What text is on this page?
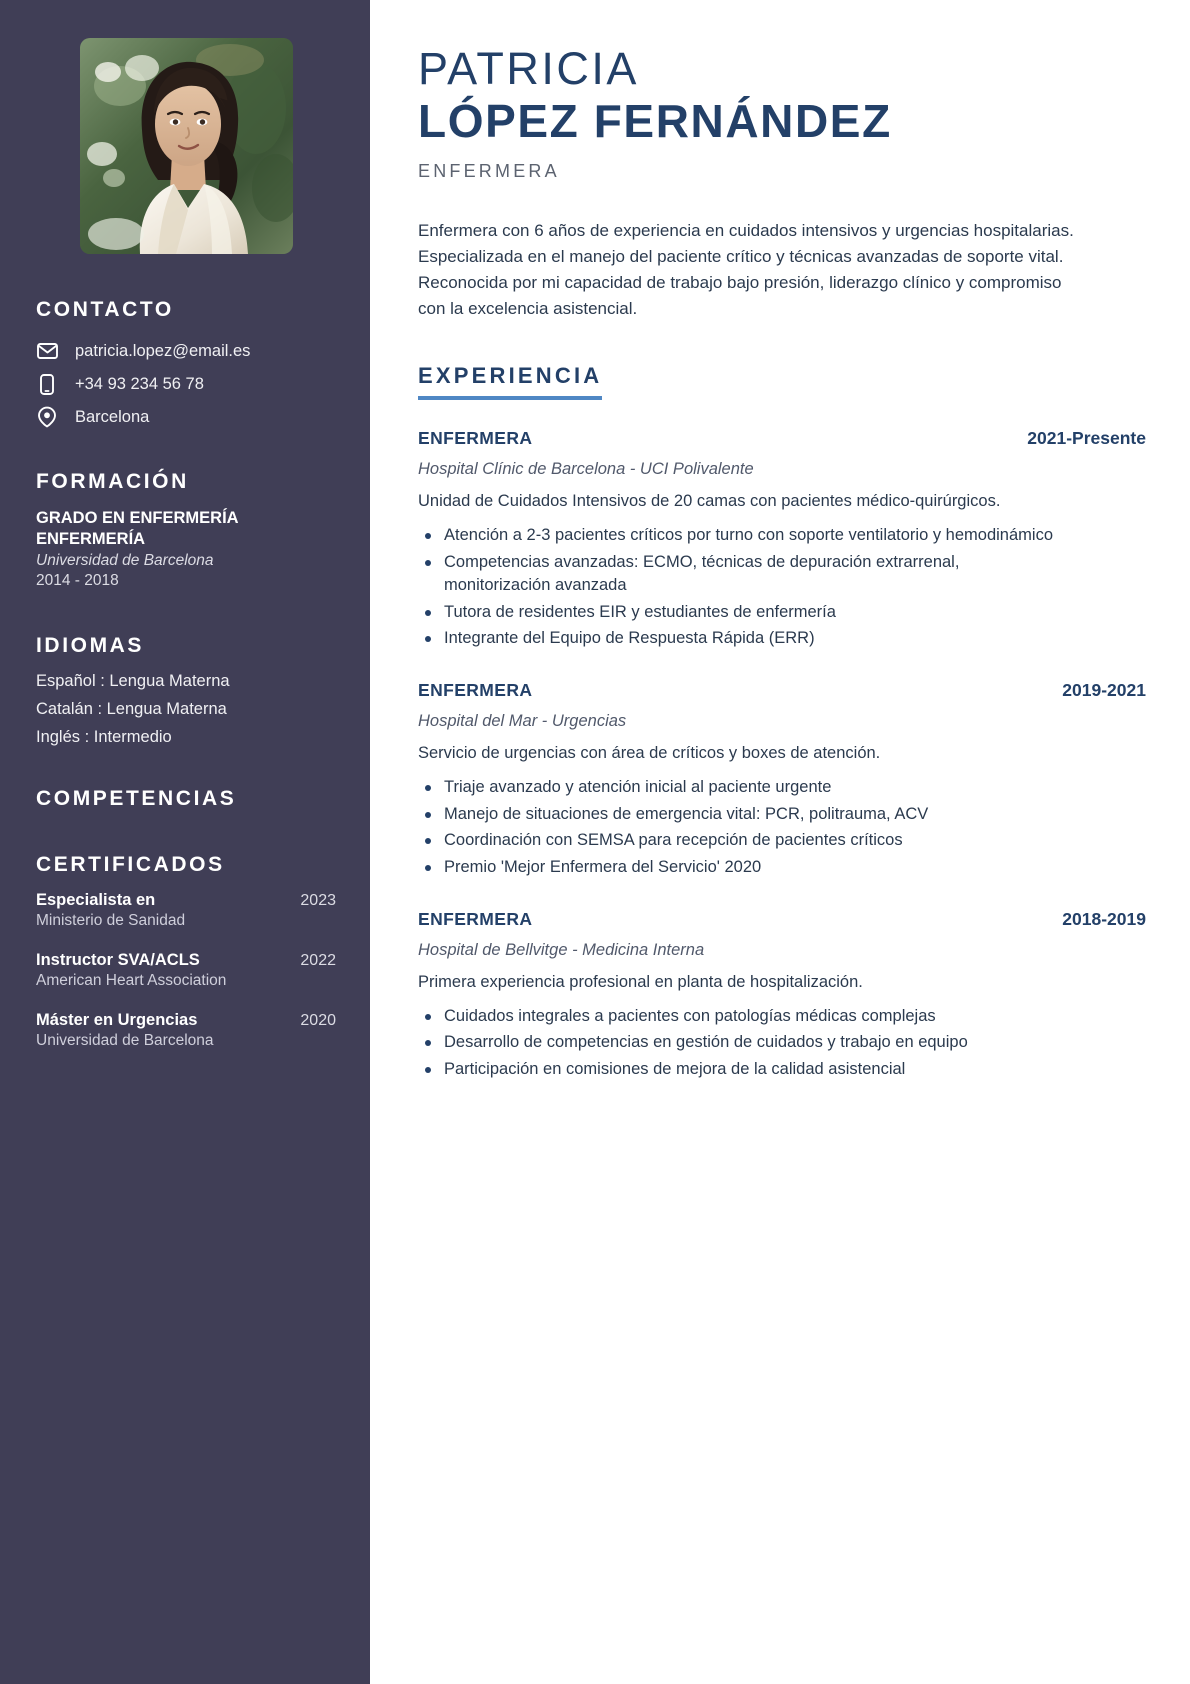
CONTACTO
patricia.lopez@email.es
+34 93 234 56 78
Barcelona
FORMACIÓN
GRADO EN ENFERMERÍA
ENFERMERÍA
Universidad de Barcelona
2014 - 2018
IDIOMAS
Español : Lengua Materna
Catalán : Lengua Materna
Inglés : Intermedio
COMPETENCIAS
CERTIFICADOS
Especialista en	2023
Ministerio de Sanidad
Instructor SVA/ACLS	2022
American Heart Association
Máster en Urgencias	2020
Universidad de Barcelona
PATRICIA
LÓPEZ FERNÁNDEZ
ENFERMERA

Enfermera con 6 años de experiencia en cuidados intensivos y urgencias hospitalarias. Especializada en el manejo del paciente crítico y técnicas avanzadas de soporte vital. Reconocida por mi capacidad de trabajo bajo presión, liderazgo clínico y compromiso con la excelencia asistencial.

EXPERIENCIA
ENFERMERA	2021-Presente
Hospital Clínic de Barcelona - UCI Polivalente
Unidad de Cuidados Intensivos de 20 camas con pacientes médico-quirúrgicos.
Atención a 2-3 pacientes críticos por turno con soporte ventilatorio y hemodinámico
Competencias avanzadas: ECMO, técnicas de depuración extrarrenal, monitorización avanzada
Tutora de residentes EIR y estudiantes de enfermería
Integrante del Equipo de Respuesta Rápida (ERR)
ENFERMERA	2019-2021
Hospital del Mar - Urgencias
Servicio de urgencias con área de críticos y boxes de atención.
Triaje avanzado y atención inicial al paciente urgente
Manejo de situaciones de emergencia vital: PCR, politrauma, ACV
Coordinación con SEMSA para recepción de pacientes críticos
Premio 'Mejor Enfermera del Servicio' 2020
ENFERMERA	2018-2019
Hospital de Bellvitge - Medicina Interna
Primera experiencia profesional en planta de hospitalización.
Cuidados integrales a pacientes con patologías médicas complejas
Desarrollo de competencias en gestión de cuidados y trabajo en equipo
Participación en comisiones de mejora de la calidad asistencial
